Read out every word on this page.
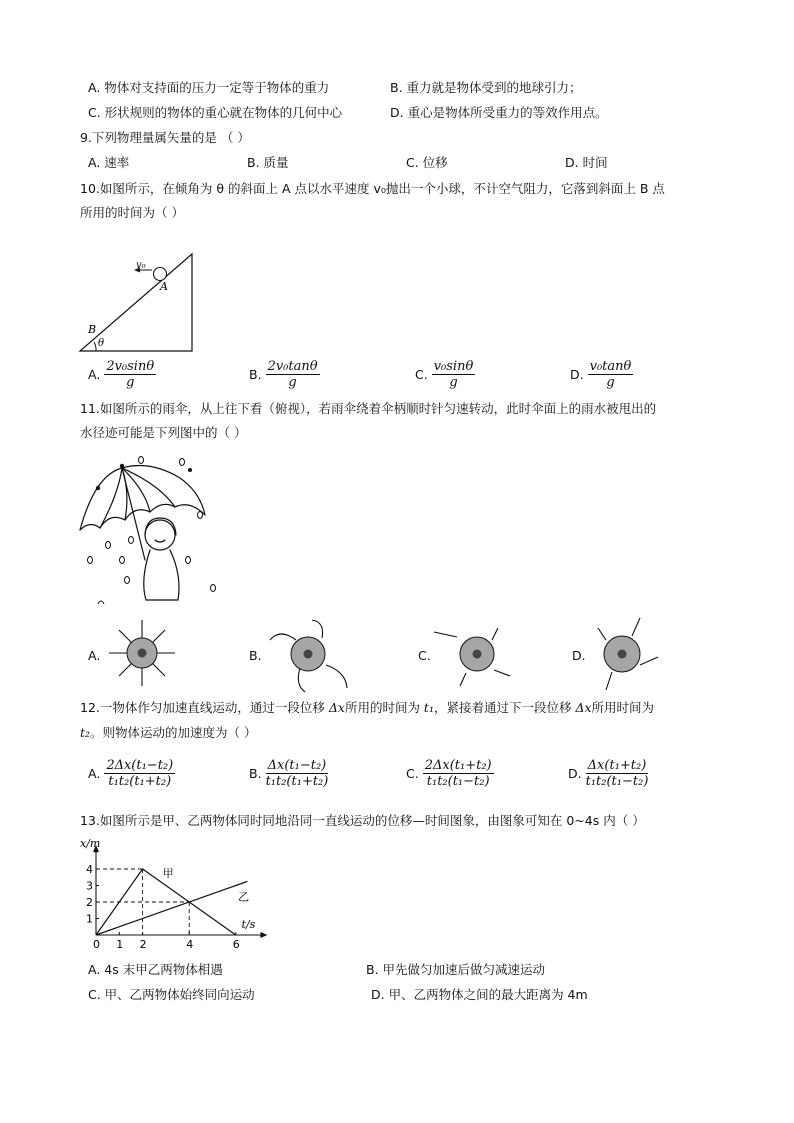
A. 物体对支持面的压力一定等于物体的重力	B. 重力就是物体受到的地球引力；
C. 形状规则的物体的重心就在物体的几何中心	D. 重心是物体所受重力的等效作用点。
9.下列物理量属矢量的是 （ ）
A. 速率	B. 质量	C. 位移	D. 时间
10.如图所示，在倾角为 θ 的斜面上 A 点以水平速度 v₀抛出一个小球，不计空气阻力，它落到斜面上 B 点
所用的时间为（ ）
v₀
A
B
θ
A. $\frac{\text{2v₀sinθ}}{g}$	B. $\frac{\text{2v₀tanθ}}{g}$	C. $\frac{\text{v₀sinθ}}{g}$	D. $\frac{\text{v₀tanθ}}{g}$
11.如图所示的雨伞，从上往下看（俯视），若雨伞绕着伞柄顺时针匀速转动，此时伞面上的雨水被甩出的
水径迹可能是下列图中的（ ）
A.	B.	C.	D.
12.一物体作匀加速直线运动，通过一段位移 Δx所用的时间为 t₁，紧接着通过下一段位移 Δx所用时间为
t₂。则物体运动的加速度为（ ）
A. $\frac{\text{2Δx(t₁−t₂)}}{\text{t₁t₂(t₁+t₂)}}$	B. $\frac{\text{Δx(t₁−t₂)}}{\text{t₁t₂(t₁+t₂)}}$	C. $\frac{\text{2Δx(t₁+t₂)}}{\text{t₁t₂(t₁−t₂)}}$	D. $\frac{\text{Δx(t₁+t₂)}}{\text{t₁t₂(t₁−t₂)}}$
13.如图所示是甲、乙两物体同时同地沿同一直线运动的位移—时间图象，由图象可知在 0~4s 内（ ）
x/m
t/s
0 1 2	4	6
1
2
3
4	甲
乙
A. 4s 末甲乙两物体相遇	B. 甲先做匀加速后做匀减速运动
C. 甲、乙两物体始终同向运动	D. 甲、乙两物体之间的最大距离为 4m
